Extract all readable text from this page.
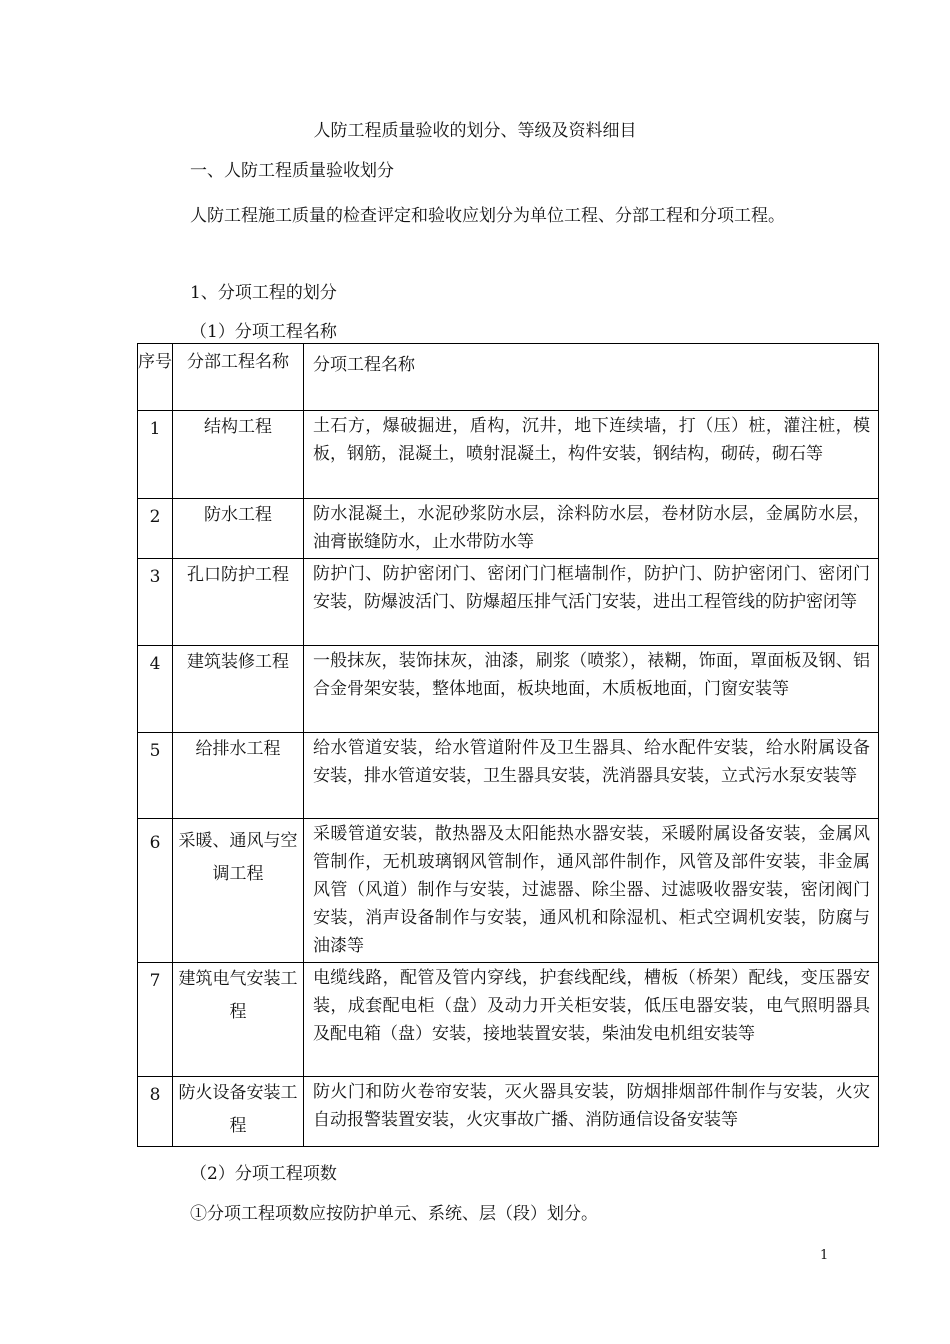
人防工程质量验收的划分、等级及资料细目
一、人防工程质量验收划分
人防工程施工质量的检查评定和验收应划分为单位工程、分部工程和分项工程。
1、分项工程的划分
（1）分项工程名称
序号	分部工程名称	分项工程名称
1	结构工程	土石方，爆破掘进，盾构，沉井，地下连续墙，打（压）桩，灌注桩，模板，钢筋，混凝土，喷射混凝土，构件安装，钢结构，砌砖，砌石等
2	防水工程	防水混凝土，水泥砂浆防水层，涂料防水层，卷材防水层，金属防水层，油膏嵌缝防水，止水带防水等
3	孔口防护工程	防护门、防护密闭门、密闭门门框墙制作，防护门、防护密闭门、密闭门安装，防爆波活门、防爆超压排气活门安装，进出工程管线的防护密闭等
4	建筑装修工程	一般抹灰，装饰抹灰，油漆，刷浆（喷浆），裱糊，饰面，罩面板及钢、铝合金骨架安装，整体地面，板块地面，木质板地面，门窗安装等
5	给排水工程	给水管道安装，给水管道附件及卫生器具、给水配件安装，给水附属设备安装，排水管道安装，卫生器具安装，洗消器具安装，立式污水泵安装等
6	采暖、通风与空调工程	采暖管道安装，散热器及太阳能热水器安装，采暖附属设备安装，金属风管制作，无机玻璃钢风管制作，通风部件制作，风管及部件安装，非金属风管（风道）制作与安装，过滤器、除尘器、过滤吸收器安装，密闭阀门安装，消声设备制作与安装，通风机和除湿机、柜式空调机安装，防腐与油漆等
7	建筑电气安装工程	电缆线路，配管及管内穿线，护套线配线，槽板（桥架）配线，变压器安装，成套配电柜（盘）及动力开关柜安装，低压电器安装，电气照明器具及配电箱（盘）安装，接地装置安装，柴油发电机组安装等
8	防火设备安装工程	防火门和防火卷帘安装，灭火器具安装，防烟排烟部件制作与安装，火灾自动报警装置安装，火灾事故广播、消防通信设备安装等
（2）分项工程项数
①分项工程项数应按防护单元、系统、层（段）划分。
1
